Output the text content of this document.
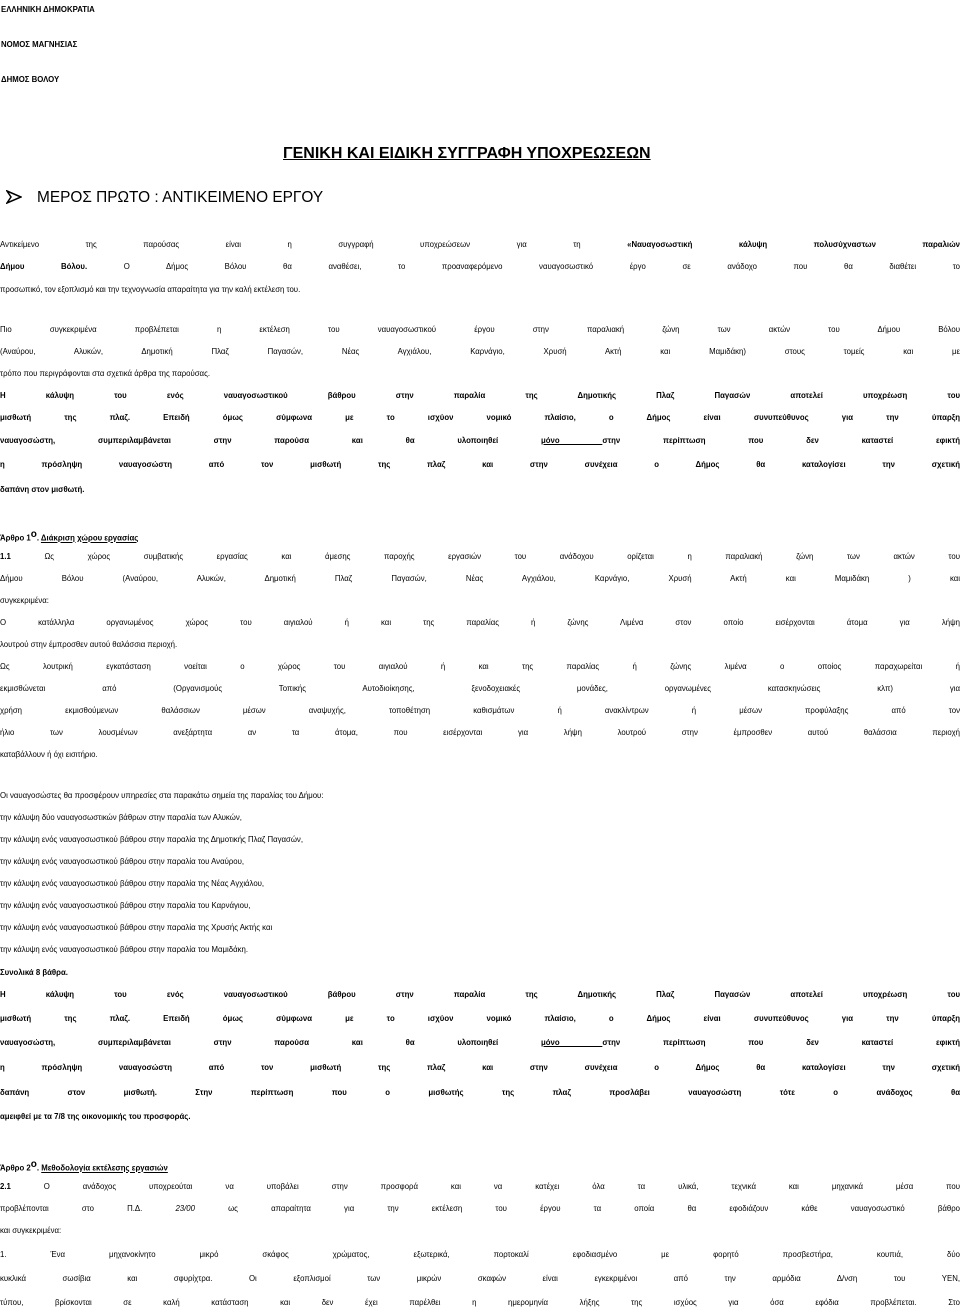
ΕΛΛΗΝΙΚΗ ΔΗΜΟΚΡΑΤΙΑ
ΝΟΜΟΣ ΜΑΓΝΗΣΙΑΣ
ΔΗΜΟΣ ΒΟΛΟΥ
ΓΕΝΙΚΗ ΚΑΙ ΕΙΔΙΚΗ ΣΥΓΓΡΑΦΗ ΥΠΟΧΡΕΩΣΕΩΝ
ΜΕΡΟΣ ΠΡΩΤΟ : ΑΝΤΙΚΕΙΜΕΝΟ ΕΡΓΟΥ
Αντικείμενο της παρούσας είναι η συγγραφή υποχρεώσεων για τη «Ναυαγοσωστική κάλυψη πολυσύχναστων παραλιών
Δήμου Βόλου. Ο Δήμος Βόλου θα αναθέσει, το προαναφερόμενο ναυαγοσωστικό έργο σε ανάδοχο που θα διαθέτει το
προσωπικό, τον εξοπλισμό και την τεχνογνωσία απαραίτητα για την καλή εκτέλεση του.
Πιο συγκεκριμένα προβλέπεται η εκτέλεση του ναυαγοσωστικού έργου στην παραλιακή ζώνη των ακτών του Δήμου Βόλου
(Αναύρου, Αλυκών, Δημοτική Πλαζ Παγασών, Νέας Αγχιάλου, Καρνάγιο, Χρυσή Ακτή και Μαμιδάκη) στους τομείς και με
τρόπο που περιγράφονται στα σχετικά άρθρα της παρούσας.
Η κάλυψη του ενός ναυαγοσωστικού βάθρου στην παραλία της Δημοτικής Πλαζ Παγασών αποτελεί υποχρέωση του
μισθωτή της πλαζ. Επειδή όμως σύμφωνα με το ισχύον νομικό πλαίσιο, ο Δήμος είναι συνυπεύθυνος για την ύπαρξη
ναυαγοσώστη, συμπεριλαμβάνεται στην παρούσα και θα υλοποιηθεί μόνο στην περίπτωση που δεν καταστεί εφικτή
η πρόσληψη ναυαγοσώστη από τον μισθωτή της πλαζ και στην συνέχεια ο Δήμος θα καταλογίσει την σχετική
δαπάνη στον μισθωτή.
Άρθρο $1^o$. Διάκριση χώρου εργασίας
1.1 Ως χώρος συμβατικής εργασίας και άμεσης παροχής εργασιών του ανάδοχου ορίζεται η παραλιακή ζώνη των ακτών του
Δήμου Βόλου (Αναύρου, Αλυκών, Δημοτική Πλαζ Παγασών, Νέας Αγχιάλου, Καρνάγιο, Χρυσή Ακτή και Μαμιδάκη ) και
συγκεκριμένα:
Ο κατάλληλα οργανωμένος χώρος του αιγιαλού ή και της παραλίας ή ζώνης Λιμένα στον οποίο εισέρχονται άτομα για λήψη
λουτρού στην έμπροσθεν αυτού θαλάσσια περιοχή.
Ως λουτρική εγκατάσταση νοείται ο χώρος του αιγιαλού ή και της παραλίας ή ζώνης λιμένα ο οποίος παραχωρείται ή
εκμισθώνεται από (Οργανισμούς Τοπικής Αυτοδιοίκησης, ξενοδοχειακές μονάδες, οργανωμένες κατασκηνώσεις κλπ) για
χρήση εκμισθούμενων θαλάσσιων μέσων αναψυχής, τοποθέτηση καθισμάτων ή ανακλίντρων ή μέσων προφύλαξης από τον
ήλιο των λουσμένων ανεξάρτητα αν τα άτομα, που εισέρχονται για λήψη λουτρού στην έμπροσθεν αυτού θαλάσσια περιοχή
καταβάλλουν ή όχι εισιτήριο.
Οι ναυαγοσώστες θα προσφέρουν υπηρεσίες στα παρακάτω σημεία της παραλίας του Δήμου:
την κάλυψη δύο ναυαγοσωστικών βάθρων στην παραλία των Αλυκών,
την κάλυψη ενός ναυαγοσωστικού βάθρου στην παραλία της Δημοτικής Πλαζ Παγασών,
την κάλυψη ενός ναυαγοσωστικού βάθρου στην παραλία του Αναύρου,
την κάλυψη ενός ναυαγοσωστικού βάθρου στην παραλία της Νέας Αγχιάλου,
την κάλυψη ενός ναυαγοσωστικού βάθρου στην παραλία του Καρνάγιου,
την κάλυψη ενός ναυαγοσωστικού βάθρου στην παραλία της Χρυσής Ακτής και
την κάλυψη ενός ναυαγοσωστικού βάθρου στην παραλία του Μαμιδάκη.
Συνολικά 8 βάθρα.
Η κάλυψη του ενός ναυαγοσωστικού βάθρου στην παραλία της Δημοτικής Πλαζ Παγασών αποτελεί υποχρέωση του
μισθωτή της πλαζ. Επειδή όμως σύμφωνα με το ισχύον νομικό πλαίσιο, ο Δήμος είναι συνυπεύθυνος για την ύπαρξη
ναυαγοσώστη, συμπεριλαμβάνεται στην παρούσα και θα υλοποιηθεί μόνο στην περίπτωση που δεν καταστεί εφικτή
η πρόσληψη ναυαγοσώστη από τον μισθωτή της πλαζ και στην συνέχεια ο Δήμος θα καταλογίσει την σχετική
δαπάνη στον μισθωτή. Στην περίπτωση που ο μισθωτής της πλαζ προσλάβει ναυαγοσώστη τότε ο ανάδοχος θα
αμειφθεί με τα 7/8 της οικονομικής του προσφοράς.
Άρθρο $2^o$. Μεθοδολογία εκτέλεσης εργασιών
2.1 Ο ανάδοχος υποχρεούται να υποβάλει στην προσφορά και να κατέχει όλα τα υλικά, τεχνικά και μηχανικά μέσα που
προβλέπονται στο Π.Δ. 23/00 ως απαραίτητα για την εκτέλεση του έργου τα οποία θα εφοδιάζουν κάθε ναυαγοσωστικό βάθρο
και συγκεκριμένα:
1. Ένα μηχανοκίνητο μικρό σκάφος χρώματος, εξωτερικά, πορτοκαλί εφοδιασμένο με φορητό προσβεστήρα, κουπιά, δύο
κυκλικά σωσίβια και σφυρίχτρα. Οι εξοπλισμοί των μικρών σκαφών είναι εγκεκριμένοι από την αρμόδια Δ/νση του ΥΕΝ,
τύπου, βρίσκονται σε καλή κατάσταση και δεν έχει παρέλθει η ημερομηνία λήξης της ισχύος για όσα εφόδια προβλέπεται. Στο
